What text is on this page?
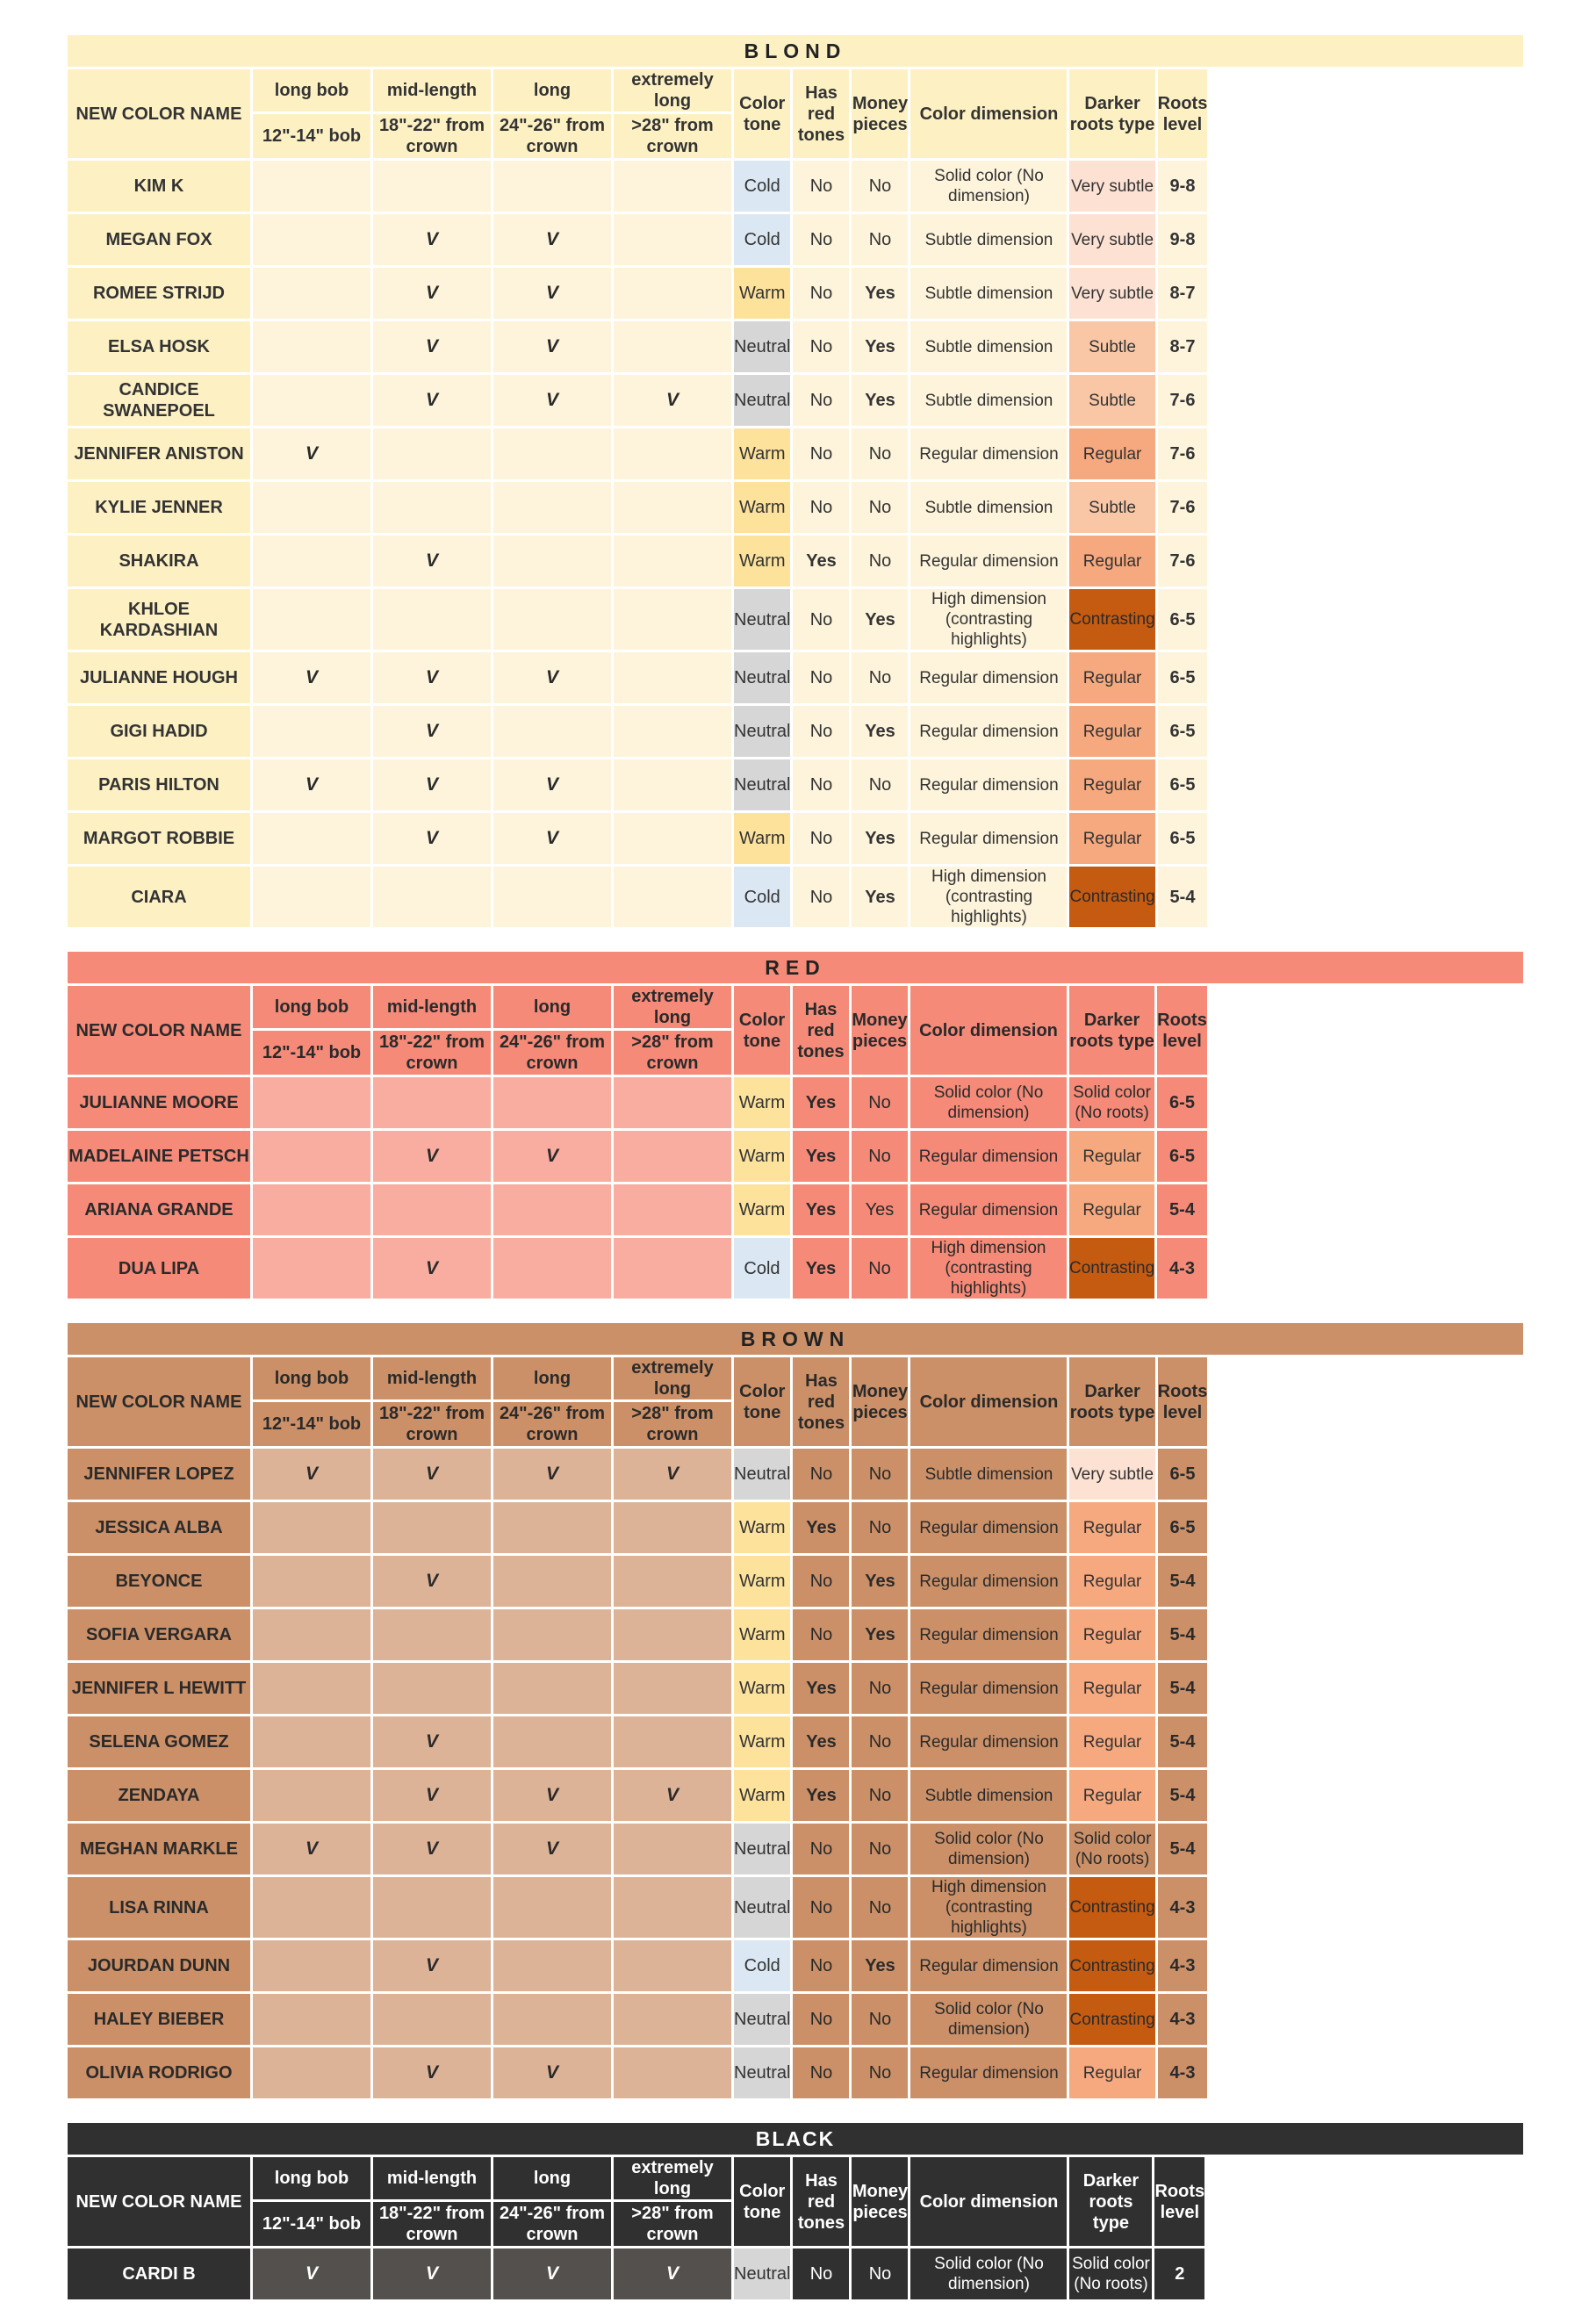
BLOND
NEW COLOR NAME	long bob	mid-length	long	extremely long	Color tone	Has red tones	Money pieces	Color dimension	Darker roots type	Roots level
	12"-14" bob	18"-22" from crown	24"-26" from crown	>28" from crown						
KIM K					Cold	No	No	Solid color (No dimension)	Very subtle	9-8
MEGAN FOX		V	V		Cold	No	No	Subtle dimension	Very subtle	9-8
ROMEE STRIJD		V	V		Warm	No	Yes	Subtle dimension	Very subtle	8-7
ELSA HOSK		V	V		Neutral	No	Yes	Subtle dimension	Subtle	8-7
CANDICE SWANEPOEL		V	V	V	Neutral	No	Yes	Subtle dimension	Subtle	7-6
JENNIFER ANISTON	V				Warm	No	No	Regular dimension	Regular	7-6
KYLIE JENNER					Warm	No	No	Subtle dimension	Subtle	7-6
SHAKIRA		V			Warm	Yes	No	Regular dimension	Regular	7-6
KHLOE KARDASHIAN					Neutral	No	Yes	High dimension (contrasting highlights)	Contrasting	6-5
JULIANNE HOUGH	V	V	V		Neutral	No	No	Regular dimension	Regular	6-5
GIGI HADID		V			Neutral	No	Yes	Regular dimension	Regular	6-5
PARIS HILTON	V	V	V		Neutral	No	No	Regular dimension	Regular	6-5
MARGOT ROBBIE		V	V		Warm	No	Yes	Regular dimension	Regular	6-5
CIARA					Cold	No	Yes	High dimension (contrasting highlights)	Contrasting	5-4
RED
NEW COLOR NAME	long bob	mid-length	long	extremely long	Color tone	Has red tones	Money pieces	Color dimension	Darker roots type	Roots level
	12"-14" bob	18"-22" from crown	24"-26" from crown	>28" from crown						
JULIANNE MOORE					Warm	Yes	No	Solid color (No dimension)	Solid color (No roots)	6-5
MADELAINE PETSCH		V	V		Warm	Yes	No	Regular dimension	Regular	6-5
ARIANA GRANDE					Warm	Yes	Yes	Regular dimension	Regular	5-4
DUA LIPA		V			Cold	Yes	No	High dimension (contrasting highlights)	Contrasting	4-3
BROWN
NEW COLOR NAME	long bob	mid-length	long	extremely long	Color tone	Has red tones	Money pieces	Color dimension	Darker roots type	Roots level
	12"-14" bob	18"-22" from crown	24"-26" from crown	>28" from crown						
JENNIFER LOPEZ	V	V	V	V	Neutral	No	No	Subtle dimension	Very subtle	6-5
JESSICA ALBA					Warm	Yes	No	Regular dimension	Regular	6-5
BEYONCE		V			Warm	No	Yes	Regular dimension	Regular	5-4
SOFIA VERGARA					Warm	No	Yes	Regular dimension	Regular	5-4
JENNIFER L HEWITT					Warm	Yes	No	Regular dimension	Regular	5-4
SELENA GOMEZ		V			Warm	Yes	No	Regular dimension	Regular	5-4
ZENDAYA		V	V	V	Warm	Yes	No	Subtle dimension	Regular	5-4
MEGHAN MARKLE	V	V	V		Neutral	No	No	Solid color (No dimension)	Solid color (No roots)	5-4
LISA RINNA					Neutral	No	No	High dimension (contrasting highlights)	Contrasting	4-3
JOURDAN DUNN		V			Cold	No	Yes	Regular dimension	Contrasting	4-3
HALEY BIEBER					Neutral	No	No	Solid color (No dimension)	Contrasting	4-3
OLIVIA RODRIGO		V	V		Neutral	No	No	Regular dimension	Regular	4-3
BLACK
NEW COLOR NAME	long bob	mid-length	long	extremely long	Color tone	Has red tones	Money pieces	Color dimension	Darker roots type	Roots level
	12"-14" bob	18"-22" from crown	24"-26" from crown	>28" from crown						
CARDI B	V	V	V	V	Neutral	No	No	Solid color (No dimension)	Solid color (No roots)	2
